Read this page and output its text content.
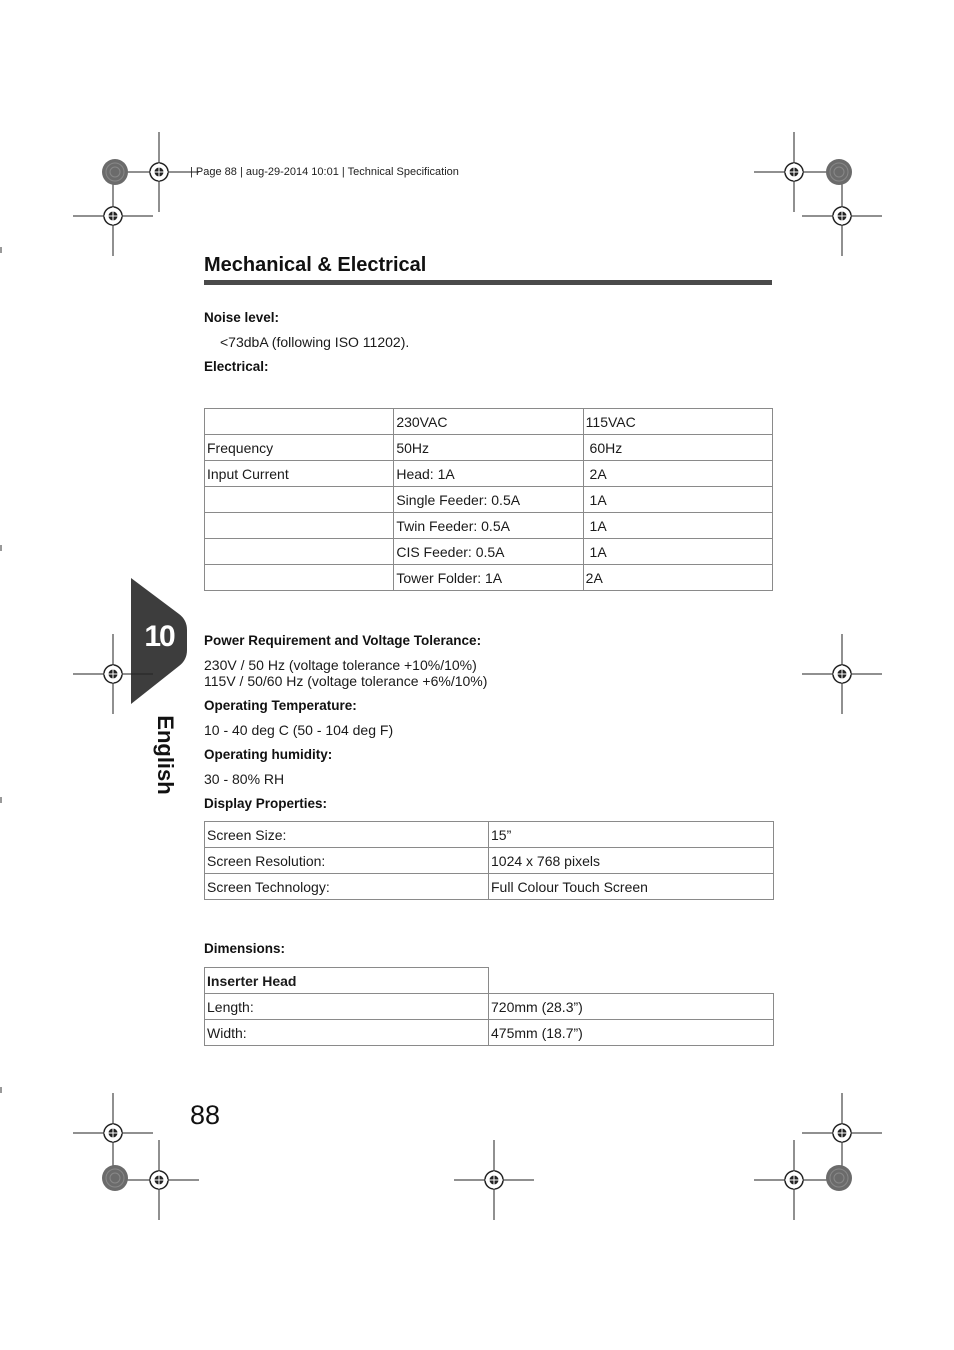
| Page 88 | aug-29-2014 10:01 | Technical Specification
Mechanical & Electrical
Noise level:
<73dbA (following ISO 11202).
Electrical:
	230VAC	115VAC
Frequency	50Hz	60Hz
Input Current	Head: 1A	2A
	Single Feeder: 0.5A	1A
	Twin Feeder: 0.5A	1A
	CIS Feeder: 0.5A	1A
	Tower Folder: 1A	2A
10
English
Power Requirement and Voltage Tolerance:
230V / 50 Hz (voltage tolerance +10%/10%)
115V / 50/60 Hz (voltage tolerance +6%/10%)
Operating Temperature:
10 - 40 deg C (50 - 104 deg F)
Operating humidity:
30 - 80% RH
Display Properties:
Screen Size:	15”
Screen Resolution:	1024 x 768 pixels
Screen Technology:	Full Colour Touch Screen
Dimensions:
Inserter Head	
Length:	720mm (28.3”)
Width:	475mm (18.7”)
88
